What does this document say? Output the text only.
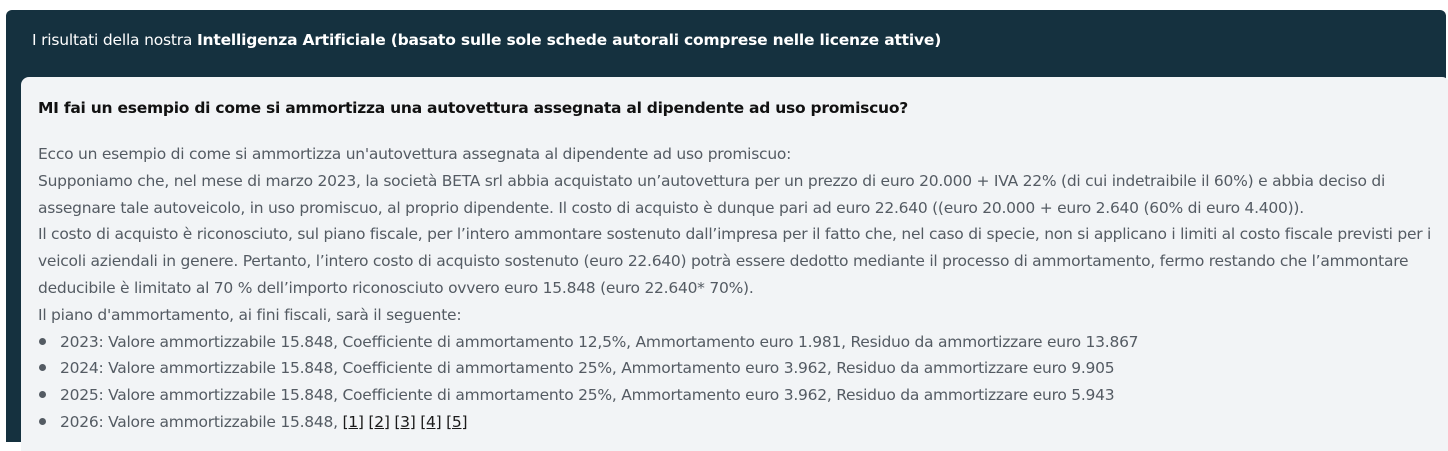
I risultati della nostra Intelligenza Artificiale (basato sulle sole schede autorali comprese nelle licenze attive)
MI fai un esempio di come si ammortizza una autovettura assegnata al dipendente ad uso promiscuo?

Ecco un esempio di come si ammortizza un'autovettura assegnata al dipendente ad uso promiscuo:

Supponiamo che, nel mese di marzo 2023, la società BETA srl abbia acquistato un’autovettura per un prezzo di euro 20.000 + IVA 22% (di cui indetraibile il 60%) e abbia deciso di assegnare tale autoveicolo, in uso promiscuo, al proprio dipendente. Il costo di acquisto è dunque pari ad euro 22.640 ((euro 20.000 + euro 2.640 (60% di euro 4.400)).

Il costo di acquisto è riconosciuto, sul piano fiscale, per l’intero ammontare sostenuto dall’impresa per il fatto che, nel caso di specie, non si applicano i limiti al costo fiscale previsti per i veicoli aziendali in genere. Pertanto, l’intero costo di acquisto sostenuto (euro 22.640) potrà essere dedotto mediante il processo di ammortamento, fermo restando che l’ammontare deducibile è limitato al 70 % dell’importo riconosciuto ovvero euro 15.848 (euro 22.640* 70%).

Il piano d'ammortamento, ai fini fiscali, sarà il seguente:

2023: Valore ammortizzabile 15.848, Coefficiente di ammortamento 12,5%, Ammortamento euro 1.981, Residuo da ammortizzare euro 13.867
2024: Valore ammortizzabile 15.848, Coefficiente di ammortamento 25%, Ammortamento euro 3.962, Residuo da ammortizzare euro 9.905
2025: Valore ammortizzabile 15.848, Coefficiente di ammortamento 25%, Ammortamento euro 3.962, Residuo da ammortizzare euro 5.943
2026: Valore ammortizzabile 15.848, [1] [2] [3] [4] [5]
